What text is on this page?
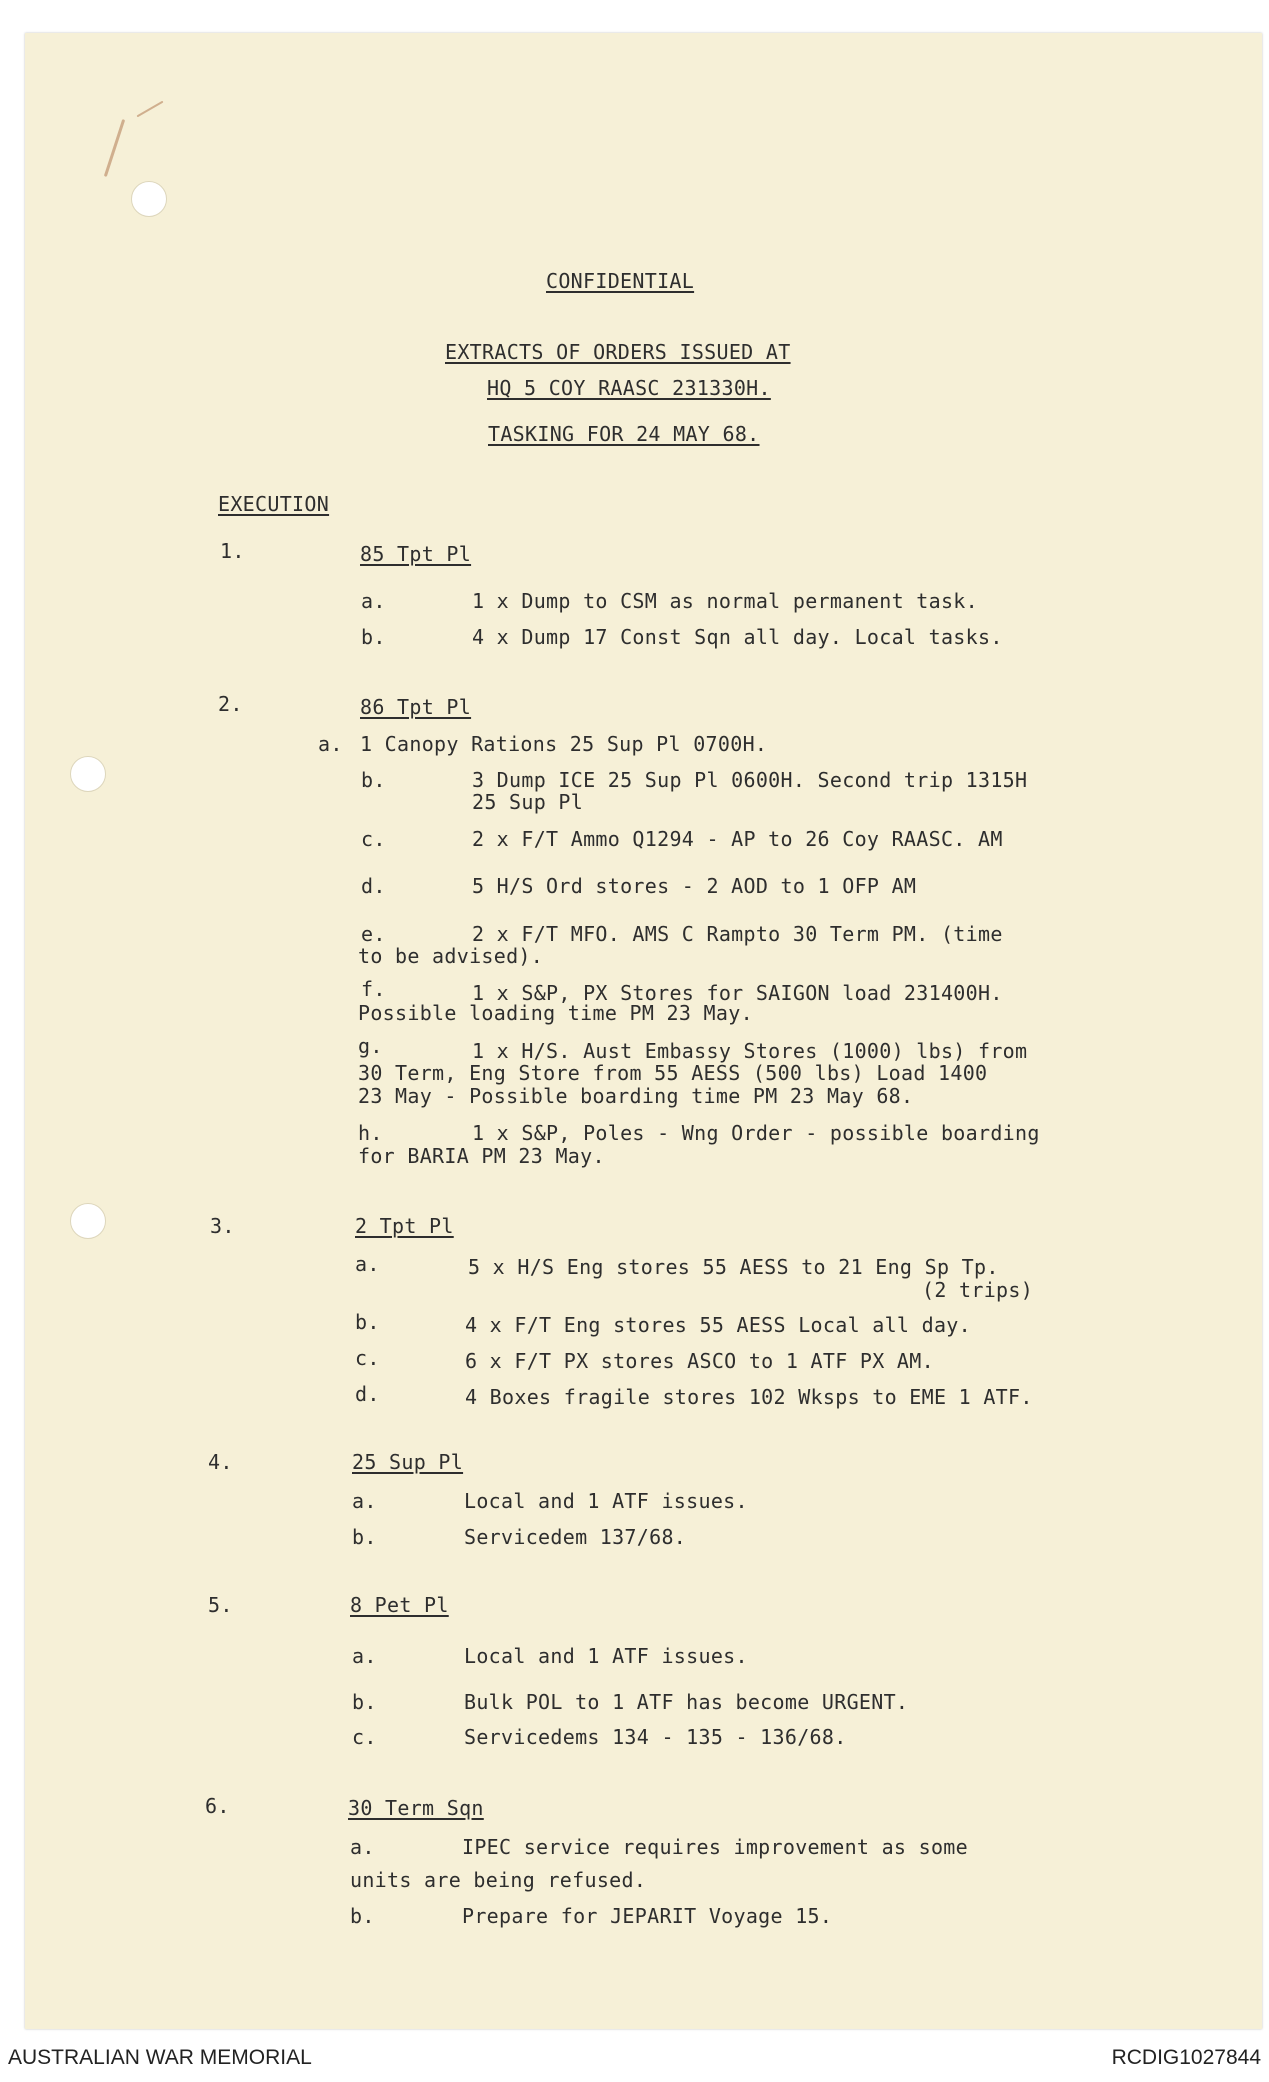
CONFIDENTIAL
EXTRACTS OF ORDERS ISSUED AT
HQ 5 COY RAASC 231330H.
TASKING FOR 24 MAY 68.
EXECUTION
1.	85 Tpt Pl
a.	1 x Dump to CSM as normal permanent task.
b.	4 x Dump 17 Const Sqn all day. Local tasks.
2.	86 Tpt Pl
a. 1 Canopy Rations 25 Sup Pl 0700H.
b.	3 Dump ICE 25 Sup Pl 0600H. Second trip 1315H
25 Sup Pl
c.	2 x F/T Ammo Q1294 - AP to 26 Coy RAASC. AM
d.	5 H/S Ord stores - 2 AOD to 1 OFP AM
e.	2 x F/T MFO. AMS C Rampto 30 Term PM. (time
to be advised).
f.	1 x S&P, PX Stores for SAIGON load 231400H.
Possible loading time PM 23 May.
g.	1 x H/S. Aust Embassy Stores (1000) lbs) from
30 Term, Eng Store from 55 AESS (500 lbs) Load 1400
23 May - Possible boarding time PM 23 May 68.
h.	1 x S&P, Poles - Wng Order - possible boarding
for BARIA PM 23 May.
3.	2 Tpt Pl
a.	5 x H/S Eng stores 55 AESS to 21 Eng Sp Tp.
(2 trips)
b.	4 x F/T Eng stores 55 AESS Local all day.
c.	6 x F/T PX stores ASCO to 1 ATF PX AM.
d.	4 Boxes fragile stores 102 Wksps to EME 1 ATF.
4.	25 Sup Pl
a.	Local and 1 ATF issues.
b.	Servicedem 137/68.
5.	8 Pet Pl
a.	Local and 1 ATF issues.
b.	Bulk POL to 1 ATF has become URGENT.
c.	Servicedems 134 - 135 - 136/68.
6.	30 Term Sqn
a.	IPEC service requires improvement as some
units are being refused.
b.	Prepare for JEPARIT Voyage 15.
AUSTRALIAN WAR MEMORIAL	RCDIG1027844
